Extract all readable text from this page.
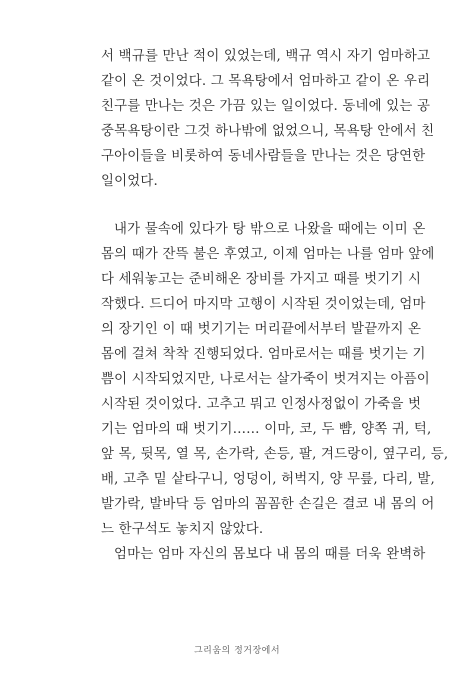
서 백규를 만난 적이 있었는데, 백규 역시 자기 엄마하고
같이 온 것이었다. 그 목욕탕에서 엄마하고 같이 온 우리
친구를 만나는 것은 가끔 있는 일이었다. 동네에 있는 공
중목욕탕이란 그것 하나밖에 없었으니, 목욕탕 안에서 친
구아이들을 비롯하여 동네사람들을 만나는 것은 당연한
일이었다.
내가 물속에 있다가 탕 밖으로 나왔을 때에는 이미 온
몸의 때가 잔뜩 불은 후였고, 이제 엄마는 나를 엄마 앞에
다 세워놓고는 준비해온 장비를 가지고 때를 벗기기 시
작했다. 드디어 마지막 고행이 시작된 것이었는데, 엄마
의 장기인 이 때 벗기기는 머리끝에서부터 발끝까지 온
몸에 걸쳐 착착 진행되었다. 엄마로서는 때를 벗기는 기
쁨이 시작되었지만, 나로서는 살가죽이 벗겨지는 아픔이
시작된 것이었다. 고추고 뭐고 인정사정없이 가죽을 벗
기는 엄마의 때 벗기기…… 이마, 코, 두 뺨, 양쪽 귀, 턱,
앞 목, 뒷목, 열 목, 손가락, 손등, 팔, 겨드랑이, 옆구리, 등,
배, 고추 밑 샅타구니, 엉덩이, 허벅지, 양 무릎, 다리, 발,
발가락, 발바닥 등 엄마의 꼼꼼한 손길은 결코 내 몸의 어
느 한구석도 놓치지 않았다.
엄마는 엄마 자신의 몸보다 내 몸의 때를 더욱 완벽하
그리움의 정거장에서
